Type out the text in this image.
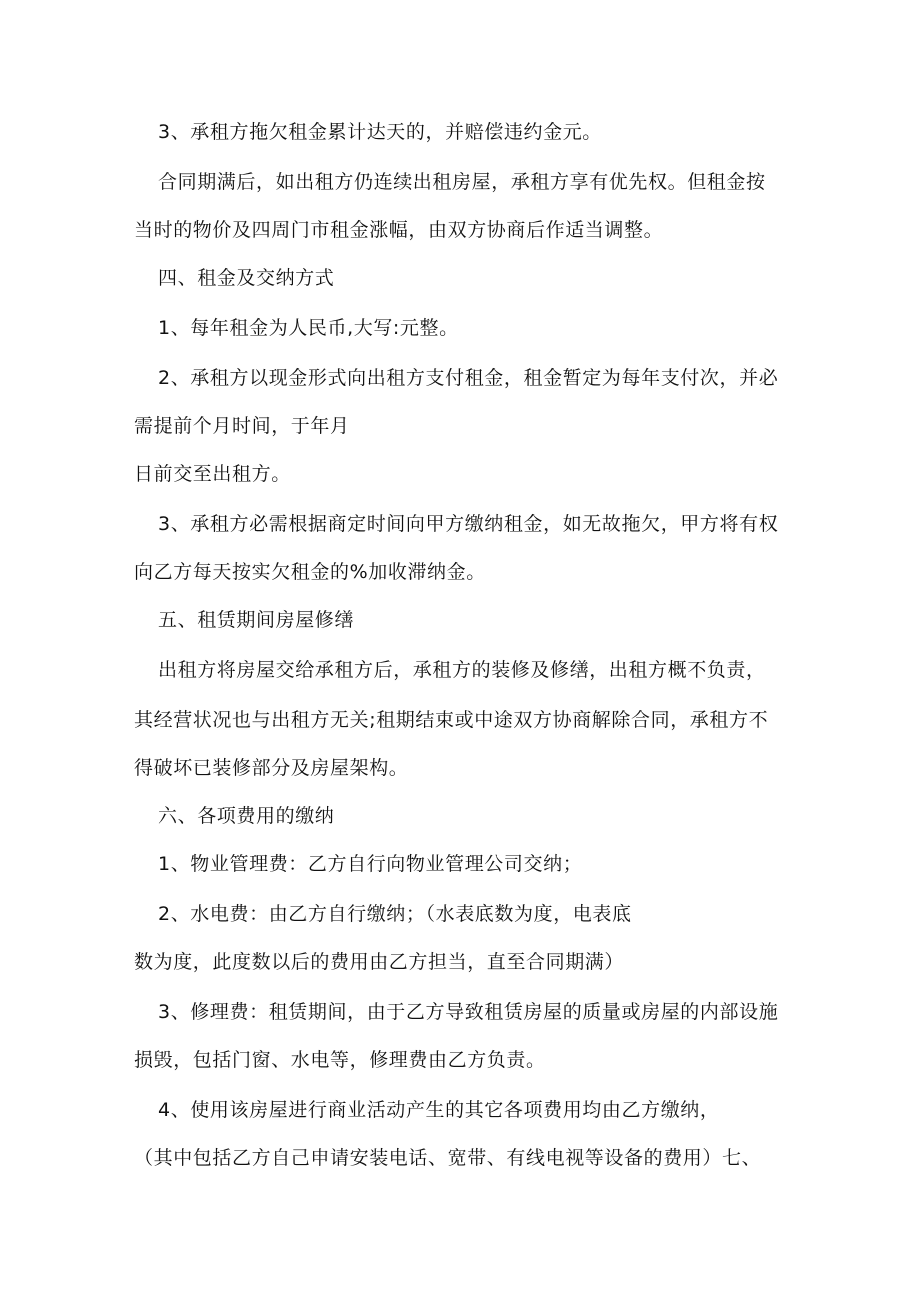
3、承租方拖欠租金累计达天的，并赔偿违约金元。
合同期满后，如出租方仍连续出租房屋，承租方享有优先权。但租金按
当时的物价及四周门市租金涨幅，由双方协商后作适当调整。
四、租金及交纳方式
1、每年租金为人民币,大写:元整。
2、承租方以现金形式向出租方支付租金，租金暂定为每年支付次，并必
需提前个月时间，于年月
日前交至出租方。
3、承租方必需根据商定时间向甲方缴纳租金，如无故拖欠，甲方将有权
向乙方每天按实欠租金的%加收滞纳金。
五、租赁期间房屋修缮
出租方将房屋交给承租方后，承租方的装修及修缮，出租方概不负责，
其经营状况也与出租方无关;租期结束或中途双方协商解除合同，承租方不
得破坏已装修部分及房屋架构。
六、各项费用的缴纳
1、物业管理费：乙方自行向物业管理公司交纳；
2、水电费：由乙方自行缴纳；（水表底数为度，电表底
数为度，此度数以后的费用由乙方担当，直至合同期满）
3、修理费：租赁期间，由于乙方导致租赁房屋的质量或房屋的内部设施
损毁，包括门窗、水电等，修理费由乙方负责。
4、使用该房屋进行商业活动产生的其它各项费用均由乙方缴纳，
（其中包括乙方自己申请安装电话、宽带、有线电视等设备的费用）七、
